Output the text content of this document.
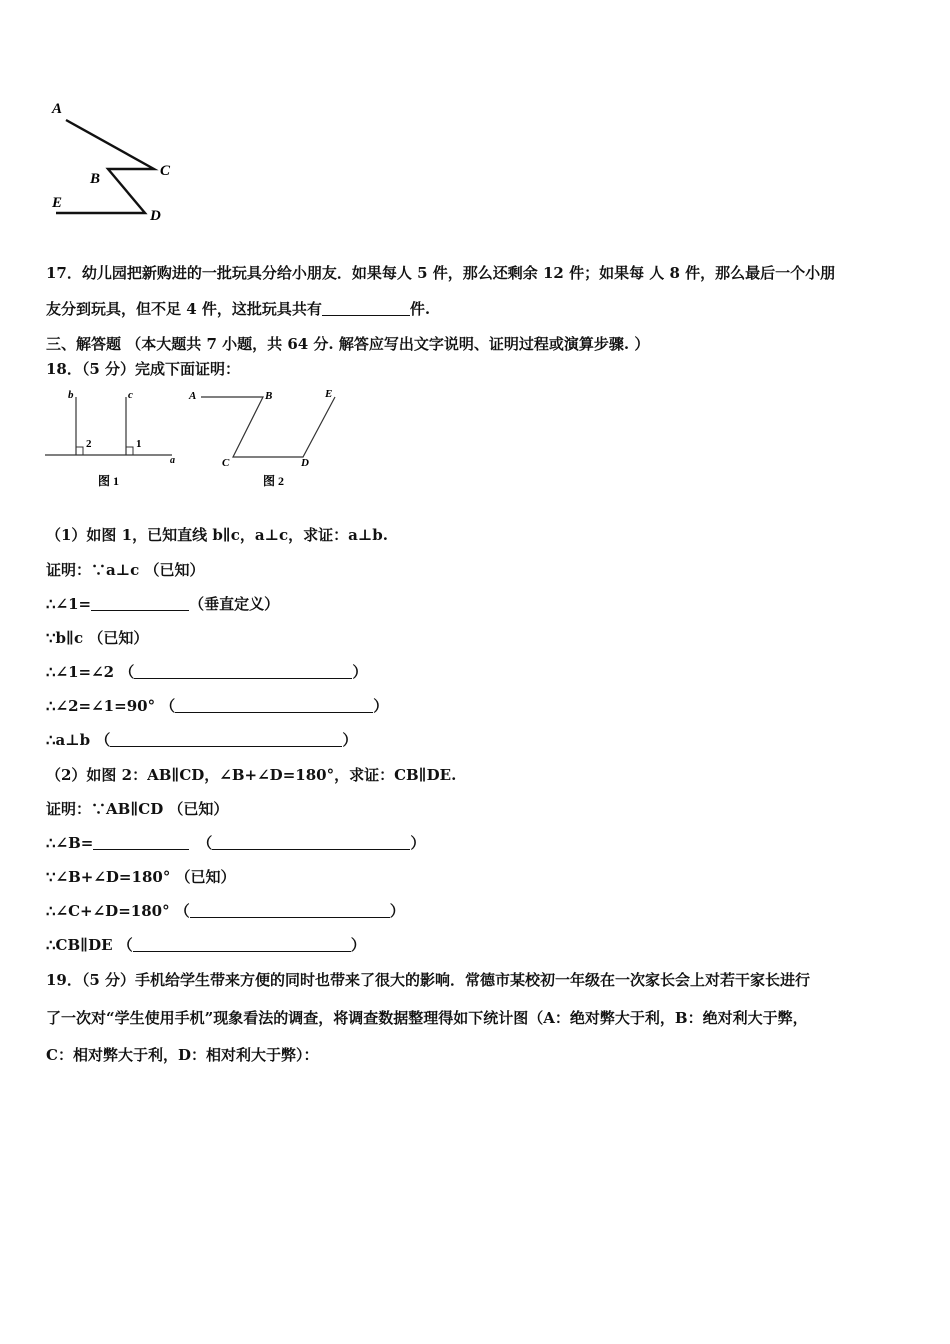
A
C
B
E
D
17．幼儿园把新购进的一批玩具分给小朋友．如果每人 5 件，那么还剩余 12 件；如果每 人 8 件，那么最后一个小朋
友分到玩具，但不足 4 件，这批玩具共有	件.
三、解答题 （本大题共 7 小题，共 64 分. 解答应写出文字说明、证明过程或演算步骤. ）
18．（5 分）完成下面证明：
b	c
2	1
a
图 1
A	B	E
C	D
图 2
（1）如图 1，已知直线 b∥c，a⊥c，求证：a⊥b.
证明：∵a⊥c （已知）
∴∠1=	（垂直定义）
∵b∥c （已知）
∴∠1=∠2 （	）
∴∠2=∠1=90° （	）
∴a⊥b （	）
（2）如图 2：AB∥CD，∠B+∠D=180°，求证：CB∥DE.
证明：∵AB∥CD （已知）
∴∠B=	（	）
∵∠B+∠D=180° （已知）
∴∠C+∠D=180° （	）
∴CB∥DE （	）
19．（5 分）手机给学生带来方便的同时也带来了很大的影响．常德市某校初一年级在一次家长会上对若干家长进行
了一次对“学生使用手机”现象看法的调查，将调查数据整理得如下统计图（A：绝对弊大于利，B：绝对利大于弊，
C：相对弊大于利，D：相对利大于弊）：
